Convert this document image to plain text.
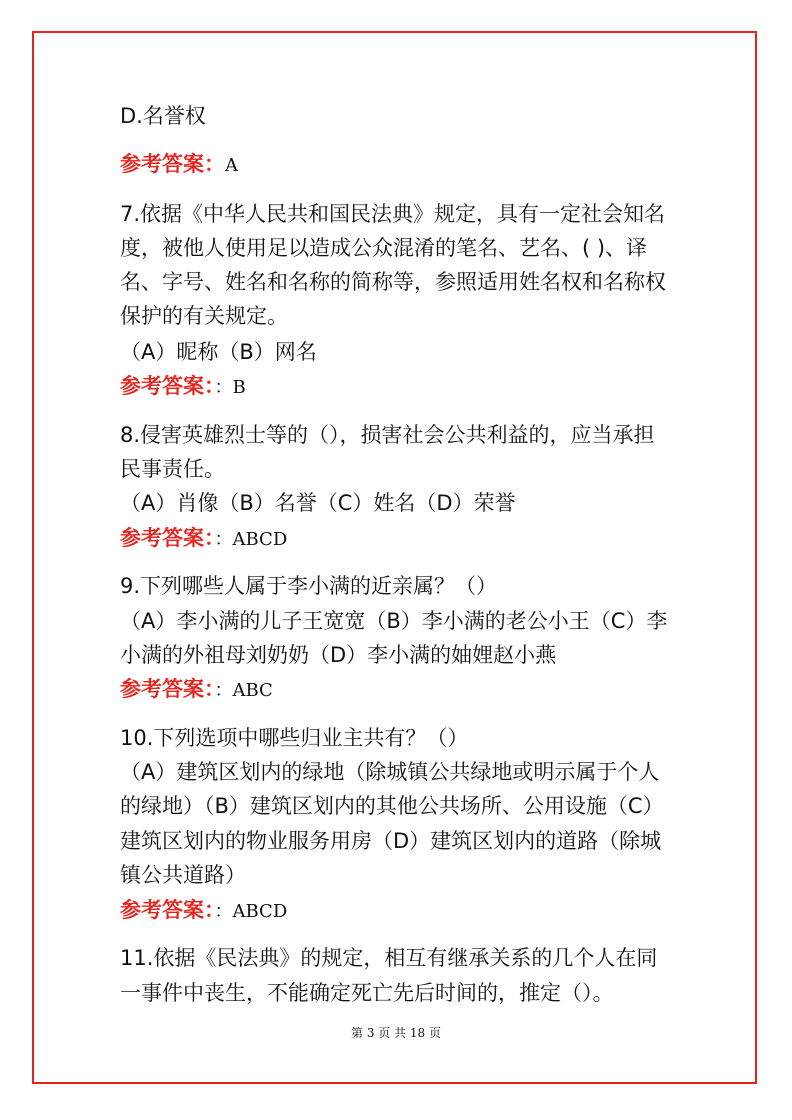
D.名誉权
参考答案：A
7.依据《中华人民共和国民法典》规定，具有一定社会知名
度，被他人使用足以造成公众混淆的笔名、艺名、( )、译
名、字号、姓名和名称的简称等，参照适用姓名权和名称权
保护的有关规定。
（A）昵称（B）网名
参考答案：：B
8.侵害英雄烈士等的（），损害社会公共利益的，应当承担
民事责任。
（A）肖像（B）名誉（C）姓名（D）荣誉
参考答案：：ABCD
9.下列哪些人属于李小满的近亲属？（）
（A）李小满的儿子王宽宽（B）李小满的老公小王（C）李
小满的外祖母刘奶奶（D）李小满的妯娌赵小燕
参考答案：：ABC
10.下列选项中哪些归业主共有？（）
（A）建筑区划内的绿地（除城镇公共绿地或明示属于个人
的绿地）（B）建筑区划内的其他公共场所、公用设施（C）
建筑区划内的物业服务用房（D）建筑区划内的道路（除城
镇公共道路）
参考答案：：ABCD
11.依据《民法典》的规定，相互有继承关系的几个人在同
一事件中丧生，不能确定死亡先后时间的，推定（）。
第 3 页 共 18 页
